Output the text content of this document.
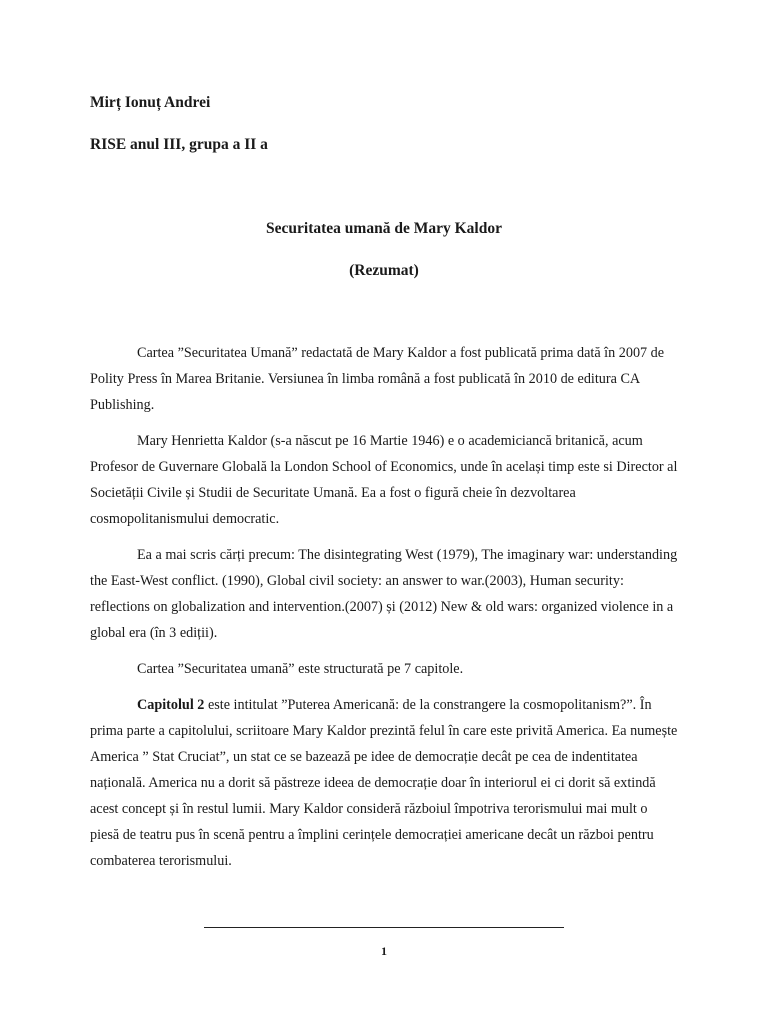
Mirț Ionuț Andrei

RISE anul III, grupa a II a

Securitatea umană de Mary Kaldor
(Rezumat)

Cartea ”Securitatea Umană” redactată de Mary Kaldor a fost publicată prima dată în 2007 de Polity Press în Marea Britanie. Versiunea în limba română a fost publicată în 2010 de editura CA Publishing.

Mary Henrietta Kaldor (s-a născut pe 16 Martie 1946) e o academiciancă britanică, acum Profesor de Guvernare Globală la London School of Economics, unde în același timp este si Director al Societății Civile și Studii de Securitate Umană. Ea a fost o figură cheie în dezvoltarea cosmopolitanismului democratic.

Ea a mai scris cărți precum: The disintegrating West (1979), The imaginary war: understanding the East-West conflict. (1990), Global civil society: an answer to war.(2003), Human security: reflections on globalization and intervention.(2007) și (2012) New & old wars: organized violence in a global era (în 3 ediții).

Cartea ”Securitatea umană” este structurată pe 7 capitole.

Capitolul 2 este intitulat ”Puterea Americană: de la constrangere la cosmopolitanism?”. În prima parte a capitolului, scriitoare Mary Kaldor prezintă felul în care este privită America. Ea numește America ” Stat Cruciat”, un stat ce se bazează pe idee de democrație decât pe cea de indentitatea națională. America nu a dorit să păstreze ideea de democrație doar în interiorul ei ci dorit să extindă acest concept și în restul lumii. Mary Kaldor consideră războiul împotriva terorismului mai mult o piesă de teatru pus în scenă pentru a împlini cerințele democrației americane decât un război pentru combaterea terorismului.

1
